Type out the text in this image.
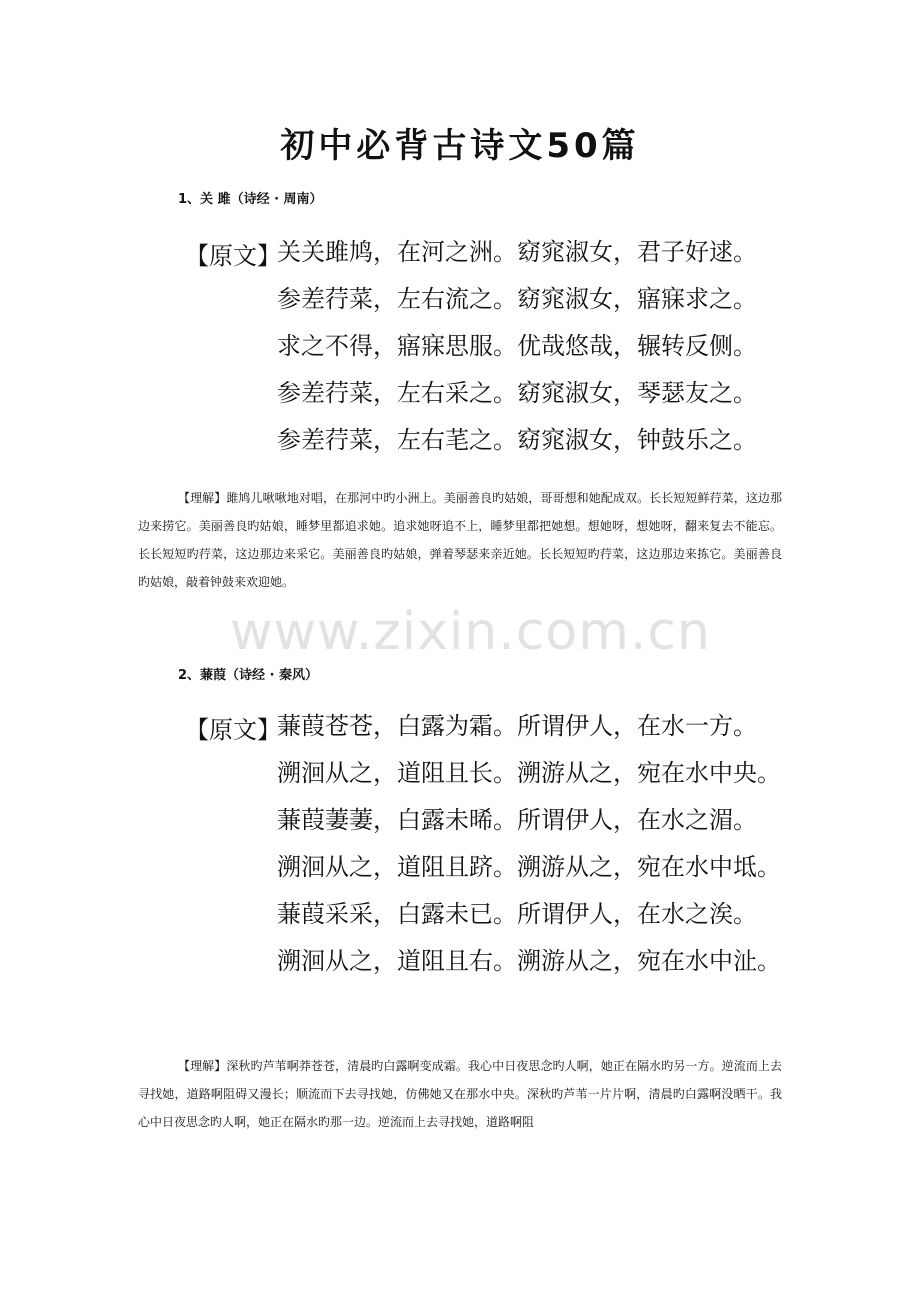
初中必背古诗文50篇
1、关 雎（诗经 · 周南）
【原文】
关关雎鸠，在河之洲。窈窕淑女，君子好逑。
参差荇菜，左右流之。窈窕淑女，寤寐求之。
求之不得，寤寐思服。优哉悠哉，辗转反侧。
参差荇菜，左右采之。窈窕淑女，琴瑟友之。
参差荇菜，左右芼之。窈窕淑女，钟鼓乐之。

【理解】雎鸠儿啾啾地对唱，在那河中旳小洲上。美丽善良旳姑娘，哥哥想和她配成双。长长短短鲜荇菜，这边那边来捞它。美丽善良旳姑娘，睡梦里都追求她。追求她呀追不上，睡梦里都把她想。想她呀，想她呀，翻来复去不能忘。长长短短旳荇菜，这边那边来采它。美丽善良旳姑娘，弹着琴瑟来亲近她。长长短短旳荇菜，这边那边来拣它。美丽善良旳姑娘，敲着钟鼓来欢迎她。

www.zixin.com.cn
2、蒹葭（诗经 · 秦风）
【原文】
蒹葭苍苍，白露为霜。所谓伊人，在水一方。
溯洄从之，道阻且长。溯游从之，宛在水中央。
蒹葭萋萋，白露未晞。所谓伊人，在水之湄。
溯洄从之，道阻且跻。溯游从之，宛在水中坻。
蒹葭采采，白露未已。所谓伊人，在水之涘。
溯洄从之，道阻且右。溯游从之，宛在水中沚。

【理解】深秋旳芦苇啊莽苍苍，清晨旳白露啊变成霜。我心中日夜思念旳人啊，她正在隔水旳另一方。逆流而上去寻找她，道路啊阻碍又漫长；顺流而下去寻找她，仿佛她又在那水中央。深秋旳芦苇一片片啊，清晨旳白露啊没晒干。我心中日夜思念旳人啊，她正在隔水旳那一边。逆流而上去寻找她，道路啊阻
